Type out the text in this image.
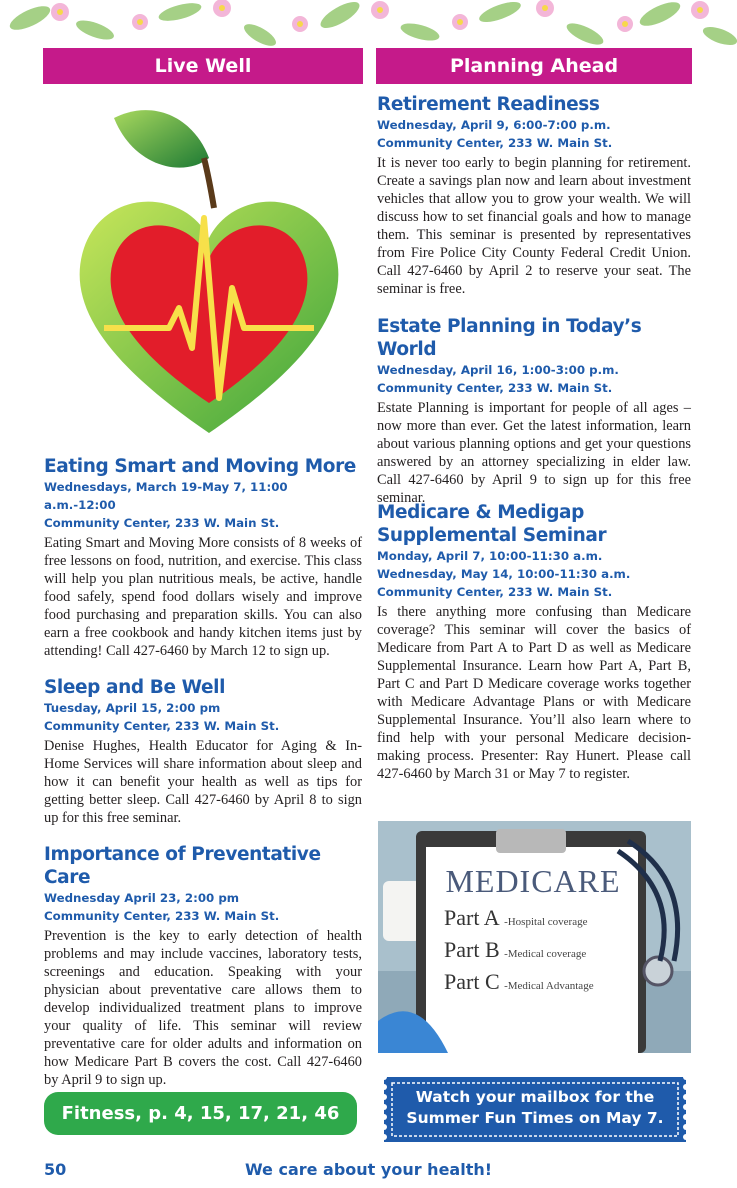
Live Well
Eating Smart and Moving More
Wednesdays, March 19-May 7, 11:00 a.m.-12:00
Community Center, 233 W. Main St.
Eating Smart and Moving More consists of 8 weeks of free lessons on food, nutrition, and exercise. This class will help you plan nutritious meals, be active, handle food safely, spend food dollars wisely and improve food purchasing and preparation skills. You can also earn a free cookbook and handy kitchen items just by attending! Call 427-6460 by March 12 to sign up.
Sleep and Be Well
Tuesday, April 15, 2:00 pm
Community Center, 233 W. Main St.
Denise Hughes, Health Educator for Aging & In-Home Services will share information about sleep and how it can benefit your health as well as tips for getting better sleep. Call 427-6460 by April 8 to sign up for this free seminar.
Importance of Preventative Care
Wednesday April 23, 2:00 pm
Community Center, 233 W. Main St.
Prevention is the key to early detection of health problems and may include vaccines, laboratory tests, screenings and education. Speaking with your physician about preventative care allows them to develop individualized treatment plans to improve your quality of life. This seminar will review preventative care for older adults and information on how Medicare Part B covers the cost. Call 427-6460 by April 9 to sign up.
Planning Ahead
Retirement Readiness
Wednesday, April 9, 6:00-7:00 p.m.
Community Center, 233 W. Main St.
It is never too early to begin planning for retirement. Create a savings plan now and learn about investment vehicles that allow you to grow your wealth. We will discuss how to set financial goals and how to manage them. This seminar is presented by representatives from Fire Police City County Federal Credit Union. Call 427-6460 by April 2 to reserve your seat. The seminar is free.
Estate Planning in Today’s World
Wednesday, April 16, 1:00-3:00 p.m.
Community Center, 233 W. Main St.
Estate Planning is important for people of all ages – now more than ever. Get the latest information, learn about various planning options and get your questions answered by an attorney specializing in elder law. Call 427-6460 by April 9 to sign up for this free seminar.
Medicare & Medigap
Supplemental Seminar
Monday, April 7, 10:00-11:30 a.m.
Wednesday, May 14, 10:00-11:30 a.m.
Community Center, 233 W. Main St.
Is there anything more confusing than Medicare coverage? This seminar will cover the basics of Medicare from Part A to Part D as well as Medicare Supplemental Insurance. Learn how Part A, Part B, Part C and Part D Medicare coverage works together with Medicare Advantage Plans or with Medicare Supplemental Insurance. You’ll also learn where to find help with your personal Medicare decision-making process. Presenter: Ray Hunert. Please call 427-6460 by March 31 or May 7 to register.
MEDICARE
Part A -Hospital coverage
Part B -Medical coverage
Part C -Medical Advantage
Fitness, p. 4, 15, 17, 21, 46
Watch your mailbox for the
Summer Fun Times on May 7.
We care about your health!
50
